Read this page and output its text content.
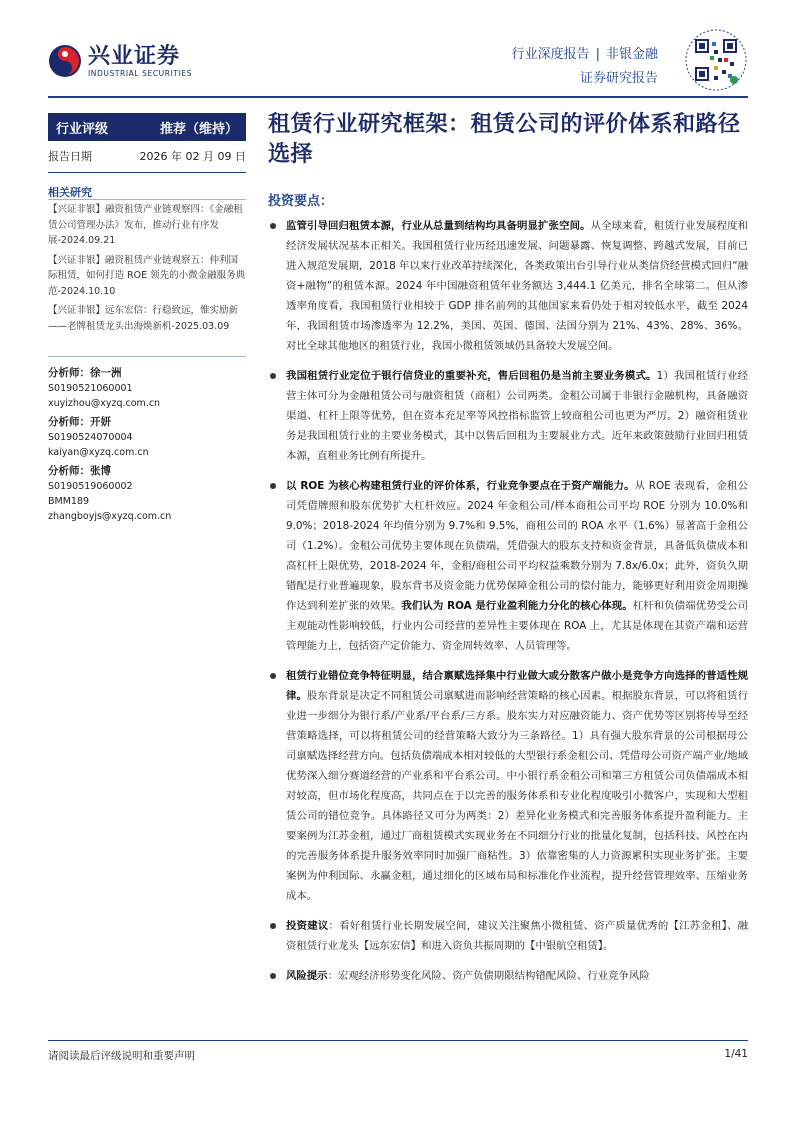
兴业证券
INDUSTRIAL SECURITIES
行业深度报告 | 非银金融
证券研究报告
行业评级	推荐（维持）
报告日期	2026 年 02 月 09 日
相关研究
【兴证非银】融资租赁产业链观察四：《金融租赁公司管理办法》发布，推动行业有序发展-2024.09.21
【兴证非银】融资租赁产业链观察五：仲利国际租赁，如何打造 ROE 领先的小微金融服务典范-2024.10.10
【兴证非银】远东宏信：行稳致远，惟实励新——老牌租赁龙头出海焕新机-2025.03.09
分析师：徐一洲
S0190521060001
xuyizhou@xyzq.com.cn
分析师：开妍
S0190524070004
kaiyan@xyzq.com.cn
分析师：张博
S0190519060002
BMM189
zhangboyjs@xyzq.com.cn
租赁行业研究框架：租赁公司的评价体系和路径选择
投资要点：
监管引导回归租赁本源，行业从总量到结构均具备明显扩张空间。从全球来看，租赁行业发展程度和经济发展状况基本正相关。我国租赁行业历经迅速发展、问题暴露、恢复调整、跨越式发展，目前已进入规范发展期，2018 年以来行业改革持续深化，各类政策出台引导行业从类信贷经营模式回归“融资+融物”的租赁本源。2024 年中国融资租赁年业务额达 3,444.1 亿美元，排名全球第二。但从渗透率角度看，我国租赁行业相较于 GDP 排名前列的其他国家来看仍处于相对较低水平，截至 2024 年，我国租赁市场渗透率为 12.2%，美国、英国、德国、法国分别为 21%、43%、28%、36%。对比全球其他地区的租赁行业，我国小微租赁领域仍具备较大发展空间。
我国租赁行业定位于银行信贷业的重要补充，售后回租仍是当前主要业务模式。1）我国租赁行业经营主体可分为金融租赁公司与融资租赁（商租）公司两类。金租公司属于非银行金融机构，具备融资渠道、杠杆上限等优势，但在资本充足率等风控指标监管上较商租公司也更为严厉。2）融资租赁业务是我国租赁行业的主要业务模式，其中以售后回租为主要展业方式。近年来政策鼓励行业回归租赁本源，直租业务比例有所提升。
以 ROE 为核心构建租赁行业的评价体系，行业竞争要点在于资产端能力。从 ROE 表现看，金租公司凭借牌照和股东优势扩大杠杆效应。2024 年金租公司/样本商租公司平均 ROE 分别为 10.0%和 9.0%；2018-2024 年均值分别为 9.7%和 9.5%，商租公司的 ROA 水平（1.6%）显著高于金租公司（1.2%）。金租公司优势主要体现在负债端，凭借强大的股东支持和资金背景，具备低负债成本和高杠杆上限优势，2018-2024 年，金租/商租公司平均权益乘数分别为 7.8x/6.0x；此外，资负久期错配是行业普遍现象，股东背书及资金能力优势保障金租公司的偿付能力，能够更好利用资金周期操作达到利差扩张的效果。我们认为 ROA 是行业盈利能力分化的核心体现。杠杆和负债端优势受公司主观能动性影响较低，行业内公司经营的差异性主要体现在 ROA 上，尤其是体现在其资产端和运营管理能力上，包括资产定价能力、资金周转效率、人员管理等。
租赁行业错位竞争特征明显，结合禀赋选择集中行业做大或分散客户做小是竞争方向选择的普适性规律。股东背景是决定不同租赁公司禀赋进而影响经营策略的核心因素。根据股东背景，可以将租赁行业进一步细分为银行系/产业系/平台系/三方系。股东实力对应融资能力、资产优势等区别将传导至经营策略选择，可以将租赁公司的经营策略大致分为三条路径。1）具有强大股东背景的公司根据母公司禀赋选择经营方向。包括负债端成本相对较低的大型银行系金租公司、凭借母公司资产端产业/地域优势深入细分赛道经营的产业系和平台系公司。中小银行系金租公司和第三方租赁公司负债端成本相对较高，但市场化程度高，共同点在于以完善的服务体系和专业化程度吸引小微客户，实现和大型租赁公司的错位竞争。具体路径又可分为两类：2）差异化业务模式和完善服务体系提升盈利能力。主要案例为江苏金租，通过厂商租赁模式实现业务在不同细分行业的批量化复制，包括科技、风控在内的完善服务体系提升服务效率同时加强厂商粘性。3）依靠密集的人力资源累积实现业务扩张。主要案例为仲利国际、永赢金租，通过细化的区域布局和标准化作业流程，提升经营管理效率、压缩业务成本。
投资建议：看好租赁行业长期发展空间，建议关注聚焦小微租赁、资产质量优秀的【江苏金租】、融资租赁行业龙头【远东宏信】和进入资负共振周期的【中银航空租赁】。
风险提示：宏观经济形势变化风险、资产负债期限结构错配风险、行业竞争风险
请阅读最后评级说明和重要声明	1/41
